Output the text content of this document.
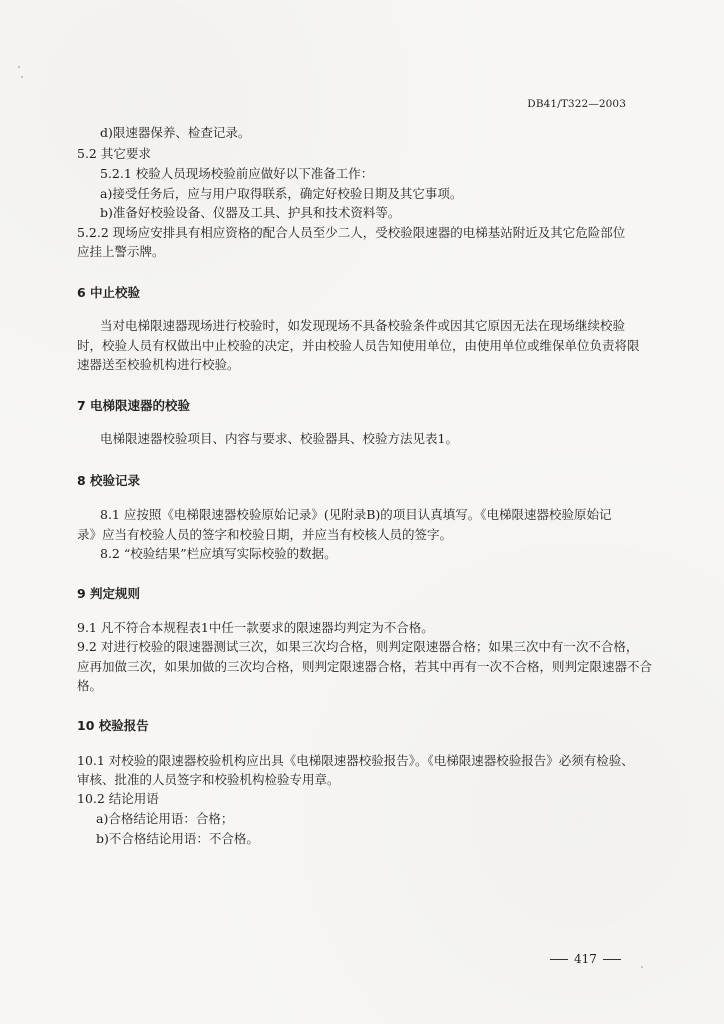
DB41/T322—2003
d)限速器保养、检查记录。
5.2 其它要求
5.2.1 校验人员现场校验前应做好以下准备工作：
a)接受任务后，应与用户取得联系，确定好校验日期及其它事项。
b)准备好校验设备、仪器及工具、护具和技术资料等。
5.2.2 现场应安排具有相应资格的配合人员至少二人，受校验限速器的电梯基站附近及其它危险部位
应挂上警示牌。
6 中止校验
当对电梯限速器现场进行校验时，如发现现场不具备校验条件或因其它原因无法在现场继续校验
时，校验人员有权做出中止校验的决定，并由校验人员告知使用单位，由使用单位或维保单位负责将限
速器送至校验机构进行校验。
7 电梯限速器的校验
电梯限速器校验项目、内容与要求、校验器具、校验方法见表1。
8 校验记录
8.1 应按照《电梯限速器校验原始记录》(见附录B)的项目认真填写。《电梯限速器校验原始记
录》应当有校验人员的签字和校验日期，并应当有校核人员的签字。
8.2 “校验结果”栏应填写实际校验的数据。
9 判定规则
9.1 凡不符合本规程表1中任一款要求的限速器均判定为不合格。
9.2 对进行校验的限速器测试三次，如果三次均合格，则判定限速器合格；如果三次中有一次不合格，
应再加做三次，如果加做的三次均合格，则判定限速器合格，若其中再有一次不合格，则判定限速器不合
格。
10 校验报告
10.1 对校验的限速器校验机构应出具《电梯限速器校验报告》。《电梯限速器校验报告》必须有检验、
审核、批准的人员签字和校验机构检验专用章。
10.2 结论用语
a)合格结论用语：合格；
b)不合格结论用语：不合格。
417
